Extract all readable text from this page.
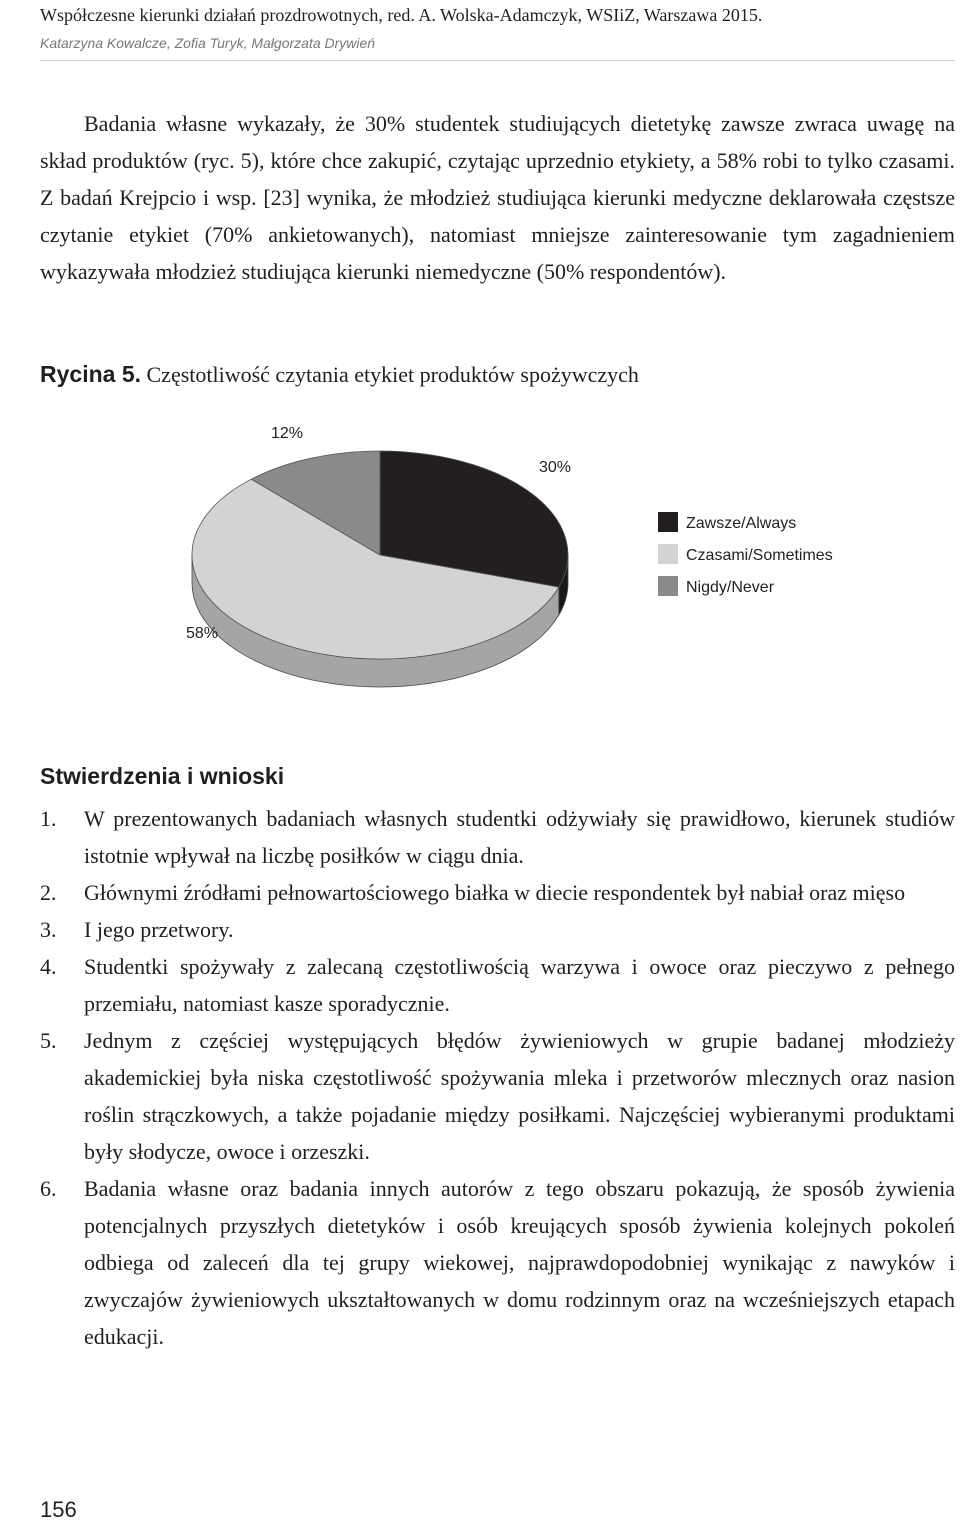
Współczesne kierunki działań prozdrowotnych, red. A. Wolska-Adamczyk, WSIiZ, Warszawa 2015.
Katarzyna Kowalcze, Zofia Turyk, Małgorzata Drywień

Badania własne wykazały, że 30% studentek studiujących dietetykę zawsze zwraca uwagę na skład produktów (ryc. 5), które chce zakupić, czytając uprzednio etykiety, a 58% robi to tylko czasami. Z badań Krejpcio i wsp. [23] wynika, że młodzież studiująca kierunki medyczne deklarowała częstsze czytanie etykiet (70% ankietowanych), natomiast mniejsze zainteresowanie tym zagadnieniem wykazywała młodzież studiująca kierunki niemedyczne (50% respondentów).

Rycina 5. Częstotliwość czytania etykiet produktów spożywczych

30%
58%
12%
Zawsze/Always
Czasami/Sometimes
Nigdy/Never
Stwierdzenia i wnioski
1. W prezentowanych badaniach własnych studentki odżywiały się prawidłowo, kierunek studiów istotnie wpływał na liczbę posiłków w ciągu dnia.
2. Głównymi źródłami pełnowartościowego białka w diecie respondentek był nabiał oraz mięso
3. I jego przetwory.
4. Studentki spożywały z zalecaną częstotliwością warzywa i owoce oraz pieczywo z pełnego przemiału, natomiast kasze sporadycznie.
5. Jednym z częściej występujących błędów żywieniowych w grupie badanej młodzieży akademickiej była niska częstotliwość spożywania mleka i przetworów mlecznych oraz nasion roślin strączkowych, a także pojadanie między posiłkami. Najczęściej wybieranymi produktami były słodycze, owoce i orzeszki.
6. Badania własne oraz badania innych autorów z tego obszaru pokazują, że sposób żywienia potencjalnych przyszłych dietetyków i osób kreujących sposób żywienia kolejnych pokoleń odbiega od zaleceń dla tej grupy wiekowej, najprawdopodobniej wynikając z nawyków i zwyczajów żywieniowych ukształtowanych w domu rodzinnym oraz na wcześniejszych etapach edukacji.
156
